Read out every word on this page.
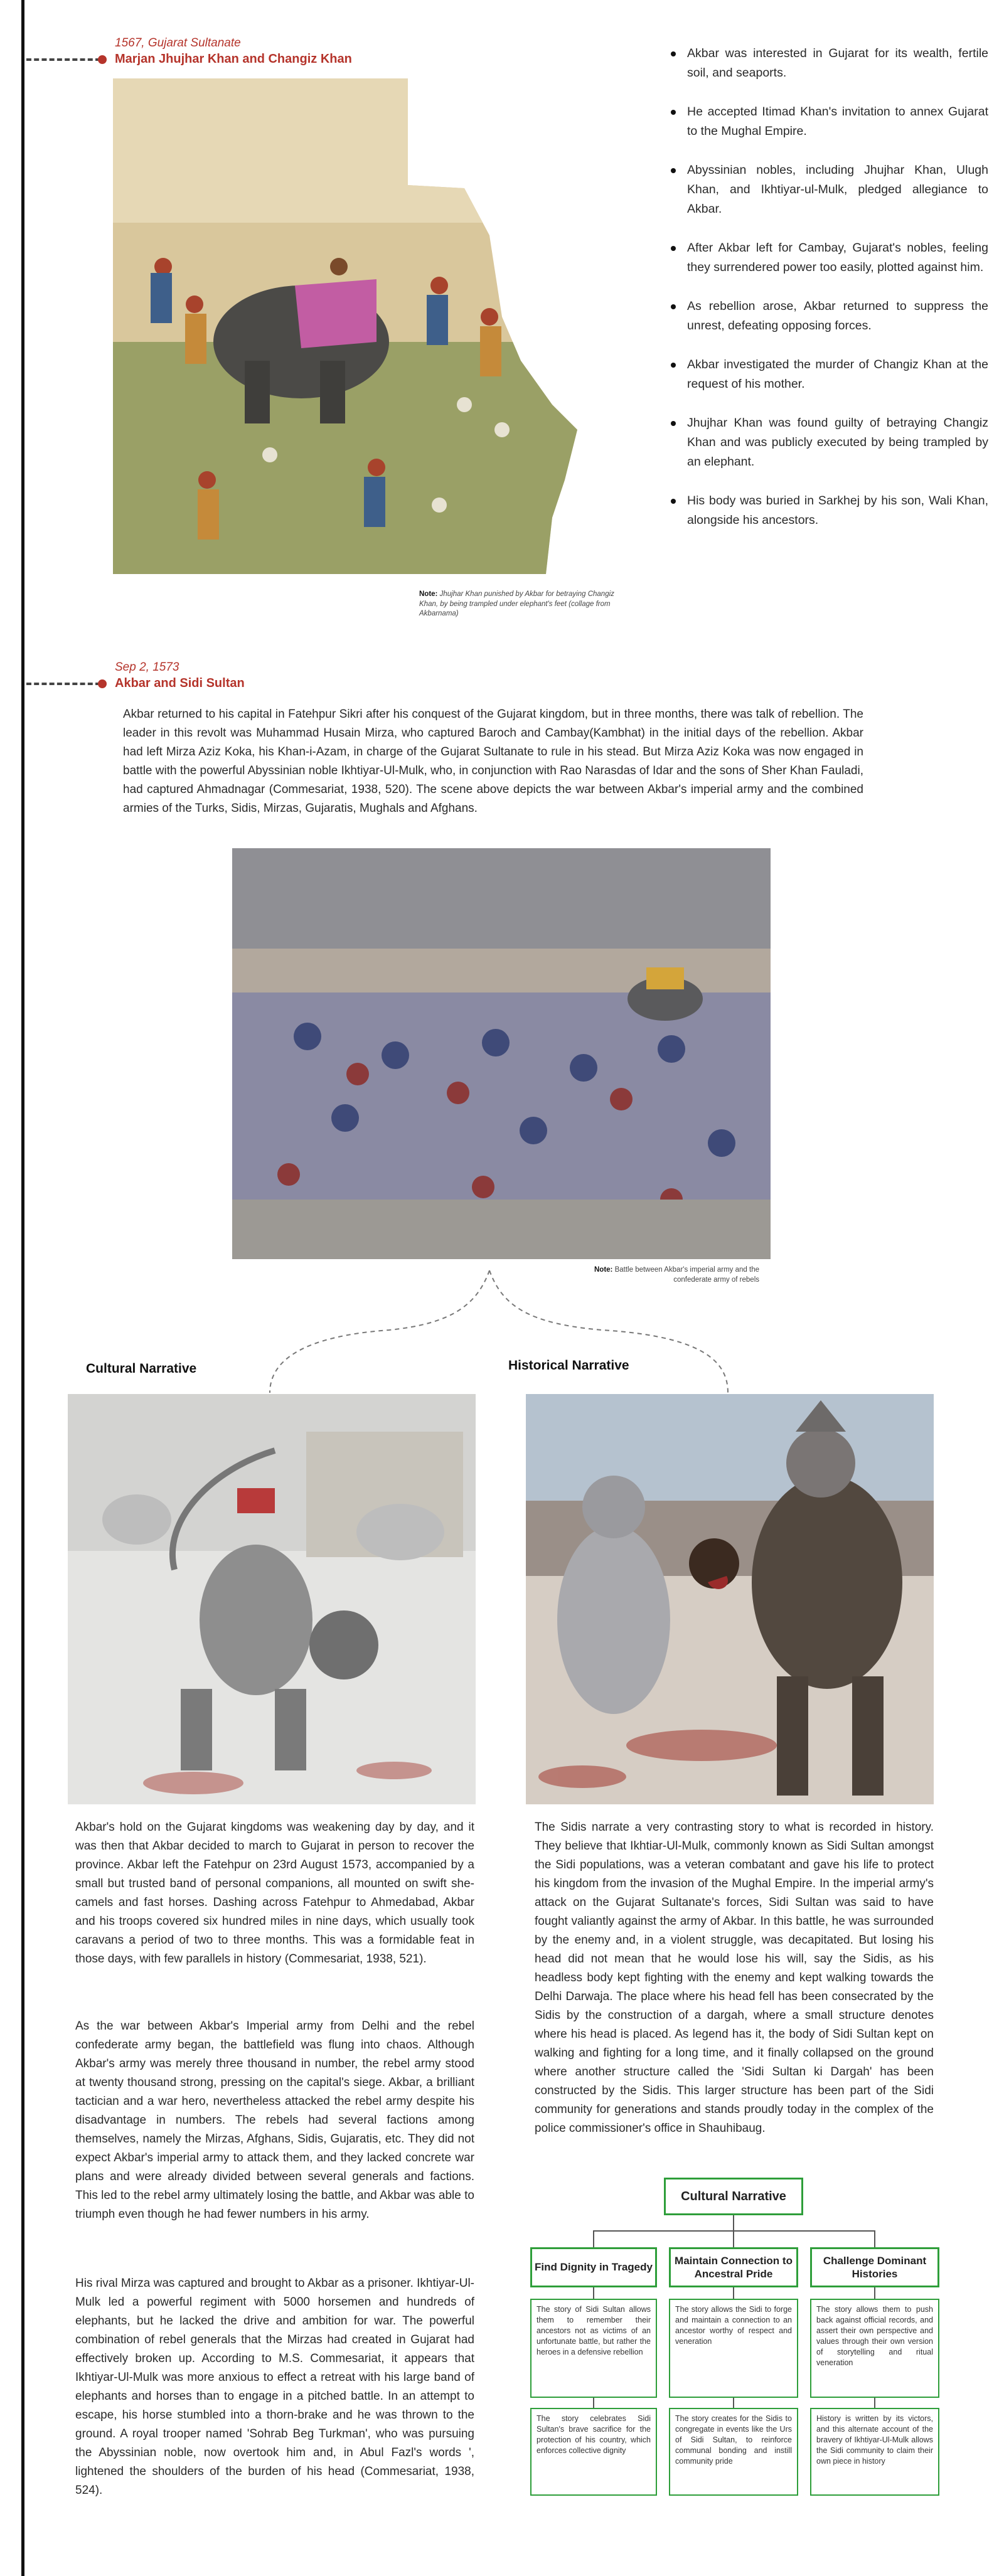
1567, Gujarat Sultanate
Marjan Jhujhar Khan and Changiz Khan
Note: Jhujhar Khan punished by Akbar for betraying Changiz Khan, by being trampled under elephant's feet (collage from Akbarnama)
Akbar was interested in Gujarat for its wealth, fertile soil, and seaports.
He accepted Itimad Khan's invitation to annex Gujarat to the Mughal Empire.
Abyssinian nobles, including Jhujhar Khan, Ulugh Khan, and Ikhtiyar-ul-Mulk, pledged allegiance to Akbar.
After Akbar left for Cambay, Gujarat's nobles, feeling they surrendered power too easily, plotted against him.
As rebellion arose, Akbar returned to suppress the unrest, defeating opposing forces.
Akbar investigated the murder of Changiz Khan at the request of his mother.
Jhujhar Khan was found guilty of betraying Changiz Khan and was publicly executed by being trampled by an elephant.
His body was buried in Sarkhej by his son, Wali Khan, alongside his ancestors.
Sep 2, 1573
Akbar and Sidi Sultan
Akbar returned to his capital in Fatehpur Sikri after his conquest of the Gujarat kingdom, but in three months, there was talk of rebellion. The leader in this revolt was Muhammad Husain Mirza, who captured Baroch and Cambay(Kambhat) in the initial days of the rebellion. Akbar had left Mirza Aziz Koka, his Khan-i-Azam, in charge of the Gujarat Sultanate to rule in his stead. But Mirza Aziz Koka was now engaged in battle with the powerful Abyssinian noble Ikhtiyar-Ul-Mulk, who, in conjunction with Rao Narasdas of Idar and the sons of Sher Khan Fauladi, had captured Ahmadnagar (Commesariat, 1938, 520). The scene above depicts the war between Akbar's imperial army and the combined armies of the Turks, Sidis, Mirzas, Gujaratis, Mughals and Afghans.
Note: Battle between Akbar's imperial army and the confederate army of rebels
Cultural Narrative	Historical Narrative
Akbar's hold on the Gujarat kingdoms was weakening day by day, and it was then that Akbar decided to march to Gujarat in person to recover the province. Akbar left the Fatehpur on 23rd August 1573, accompanied by a small but trusted band of personal companions, all mounted on swift she-camels and fast horses. Dashing across Fatehpur to Ahmedabad, Akbar and his troops covered six hundred miles in nine days, which usually took caravans a period of two to three months. This was a formidable feat in those days, with few parallels in history (Commesariat, 1938, 521).
As the war between Akbar's Imperial army from Delhi and the rebel confederate army began, the battlefield was flung into chaos. Although Akbar's army was merely three thousand in number, the rebel army stood at twenty thousand strong, pressing on the capital's siege. Akbar, a brilliant tactician and a war hero, nevertheless attacked the rebel army despite his disadvantage in numbers. The rebels had several factions among themselves, namely the Mirzas, Afghans, Sidis, Gujaratis, etc. They did not expect Akbar's imperial army to attack them, and they lacked concrete war plans and were already divided between several generals and factions. This led to the rebel army ultimately losing the battle, and Akbar was able to triumph even though he had fewer numbers in his army.
His rival Mirza was captured and brought to Akbar as a prisoner. Ikhtiyar-Ul-Mulk led a powerful regiment with 5000 horsemen and hundreds of elephants, but he lacked the drive and ambition for war. The powerful combination of rebel generals that the Mirzas had created in Gujarat had effectively broken up. According to M.S. Commesariat, it appears that Ikhtiyar-Ul-Mulk was more anxious to effect a retreat with his large band of elephants and horses than to engage in a pitched battle. In an attempt to escape, his horse stumbled into a thorn-brake and he was thrown to the ground. A royal trooper named 'Sohrab Beg Turkman', who was pursuing the Abyssinian noble, now overtook him and, in Abul Fazl's words ', lightened the shoulders of the burden of his head (Commesariat, 1938, 524).
The Sidis narrate a very contrasting story to what is recorded in history. They believe that Ikhtiar-Ul-Mulk, commonly known as Sidi Sultan amongst the Sidi populations, was a veteran combatant and gave his life to protect his kingdom from the invasion of the Mughal Empire. In the imperial army's attack on the Gujarat Sultanate's forces, Sidi Sultan was said to have fought valiantly against the army of Akbar. In this battle, he was surrounded by the enemy and, in a violent struggle, was decapitated. But losing his head did not mean that he would lose his will, say the Sidis, as his headless body kept fighting with the enemy and kept walking towards the Delhi Darwaja. The place where his head fell has been consecrated by the Sidis by the construction of a dargah, where a small structure denotes where his head is placed. As legend has it, the body of Sidi Sultan kept on walking and fighting for a long time, and it finally collapsed on the ground where another structure called the 'Sidi Sultan ki Dargah' has been constructed by the Sidis. This larger structure has been part of the Sidi community for generations and stands proudly today in the complex of the police commissioner's office in Shauhibaug.
Cultural Narrative
Find Dignity in Tragedy
Maintain Connection to Ancestral Pride
Challenge Dominant Histories
The story of Sidi Sultan allows them to remember their ancestors not as victims of an unfortunate battle, but rather the heroes in a defensive rebellion
The story allows the Sidi to forge and maintain a connection to an ancestor worthy of respect and veneration
The story allows them to push back against official records, and assert their own perspective and values through their own version of storytelling and ritual veneration
The story celebrates Sidi Sultan's brave sacrifice for the protection of his country, which enforces collective dignity
The story creates for the Sidis to congregate in events like the Urs of Sidi Sultan, to reinforce communal bonding and instill community pride
History is written by its victors, and this alternate account of the bravery of Ikhtiyar-Ul-Mulk allows the Sidi community to claim their own piece in history
